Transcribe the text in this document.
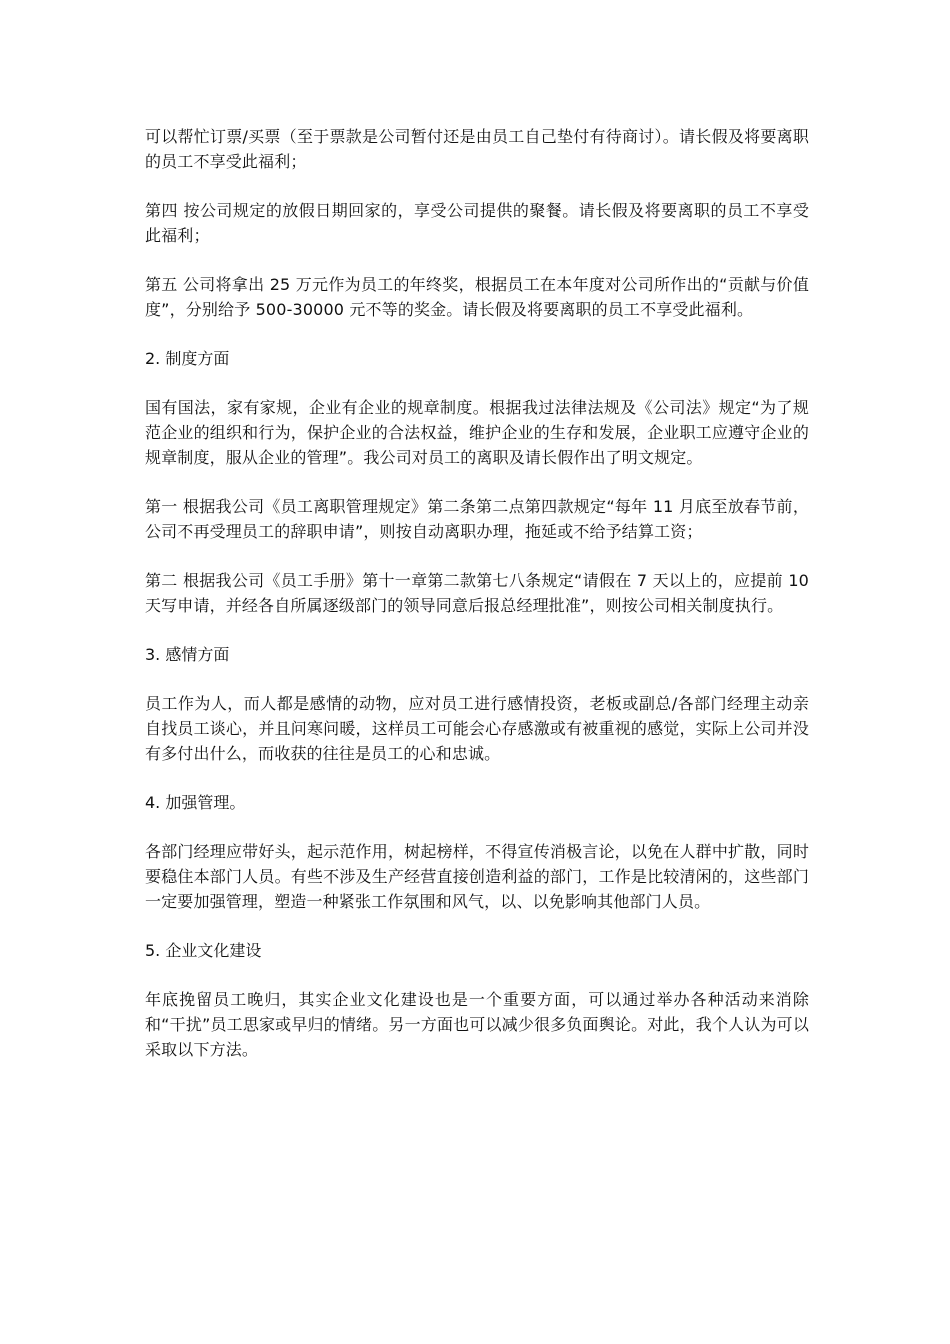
可以帮忙订票/买票（至于票款是公司暂付还是由员工自己垫付有待商讨）。请长假及将要离职的员工不享受此福利；

第四 按公司规定的放假日期回家的，享受公司提供的聚餐。请长假及将要离职的员工不享受此福利；

第五 公司将拿出 25 万元作为员工的年终奖，根据员工在本年度对公司所作出的“贡献与价值度”，分别给予 500-30000 元不等的奖金。请长假及将要离职的员工不享受此福利。

2. 制度方面

国有国法，家有家规，企业有企业的规章制度。根据我过法律法规及《公司法》规定“为了规范企业的组织和行为，保护企业的合法权益，维护企业的生存和发展，企业职工应遵守企业的规章制度，服从企业的管理”。我公司对员工的离职及请长假作出了明文规定。

第一 根据我公司《员工离职管理规定》第二条第二点第四款规定“每年 11 月底至放春节前，公司不再受理员工的辞职申请”，则按自动离职办理，拖延或不给予结算工资；

第二 根据我公司《员工手册》第十一章第二款第七八条规定“请假在 7 天以上的，应提前 10 天写申请，并经各自所属逐级部门的领导同意后报总经理批准”，则按公司相关制度执行。

3. 感情方面

员工作为人，而人都是感情的动物，应对员工进行感情投资，老板或副总/各部门经理主动亲自找员工谈心，并且问寒问暖，这样员工可能会心存感激或有被重视的感觉，实际上公司并没有多付出什么，而收获的往往是员工的心和忠诚。

4. 加强管理。

各部门经理应带好头，起示范作用，树起榜样，不得宣传消极言论，以免在人群中扩散，同时要稳住本部门人员。有些不涉及生产经营直接创造利益的部门，工作是比较清闲的，这些部门一定要加强管理，塑造一种紧张工作氛围和风气，以、以免影响其他部门人员。

5. 企业文化建设

年底挽留员工晚归，其实企业文化建设也是一个重要方面，可以通过举办各种活动来消除和“干扰”员工思家或早归的情绪。另一方面也可以减少很多负面舆论。对此，我个人认为可以采取以下方法。
